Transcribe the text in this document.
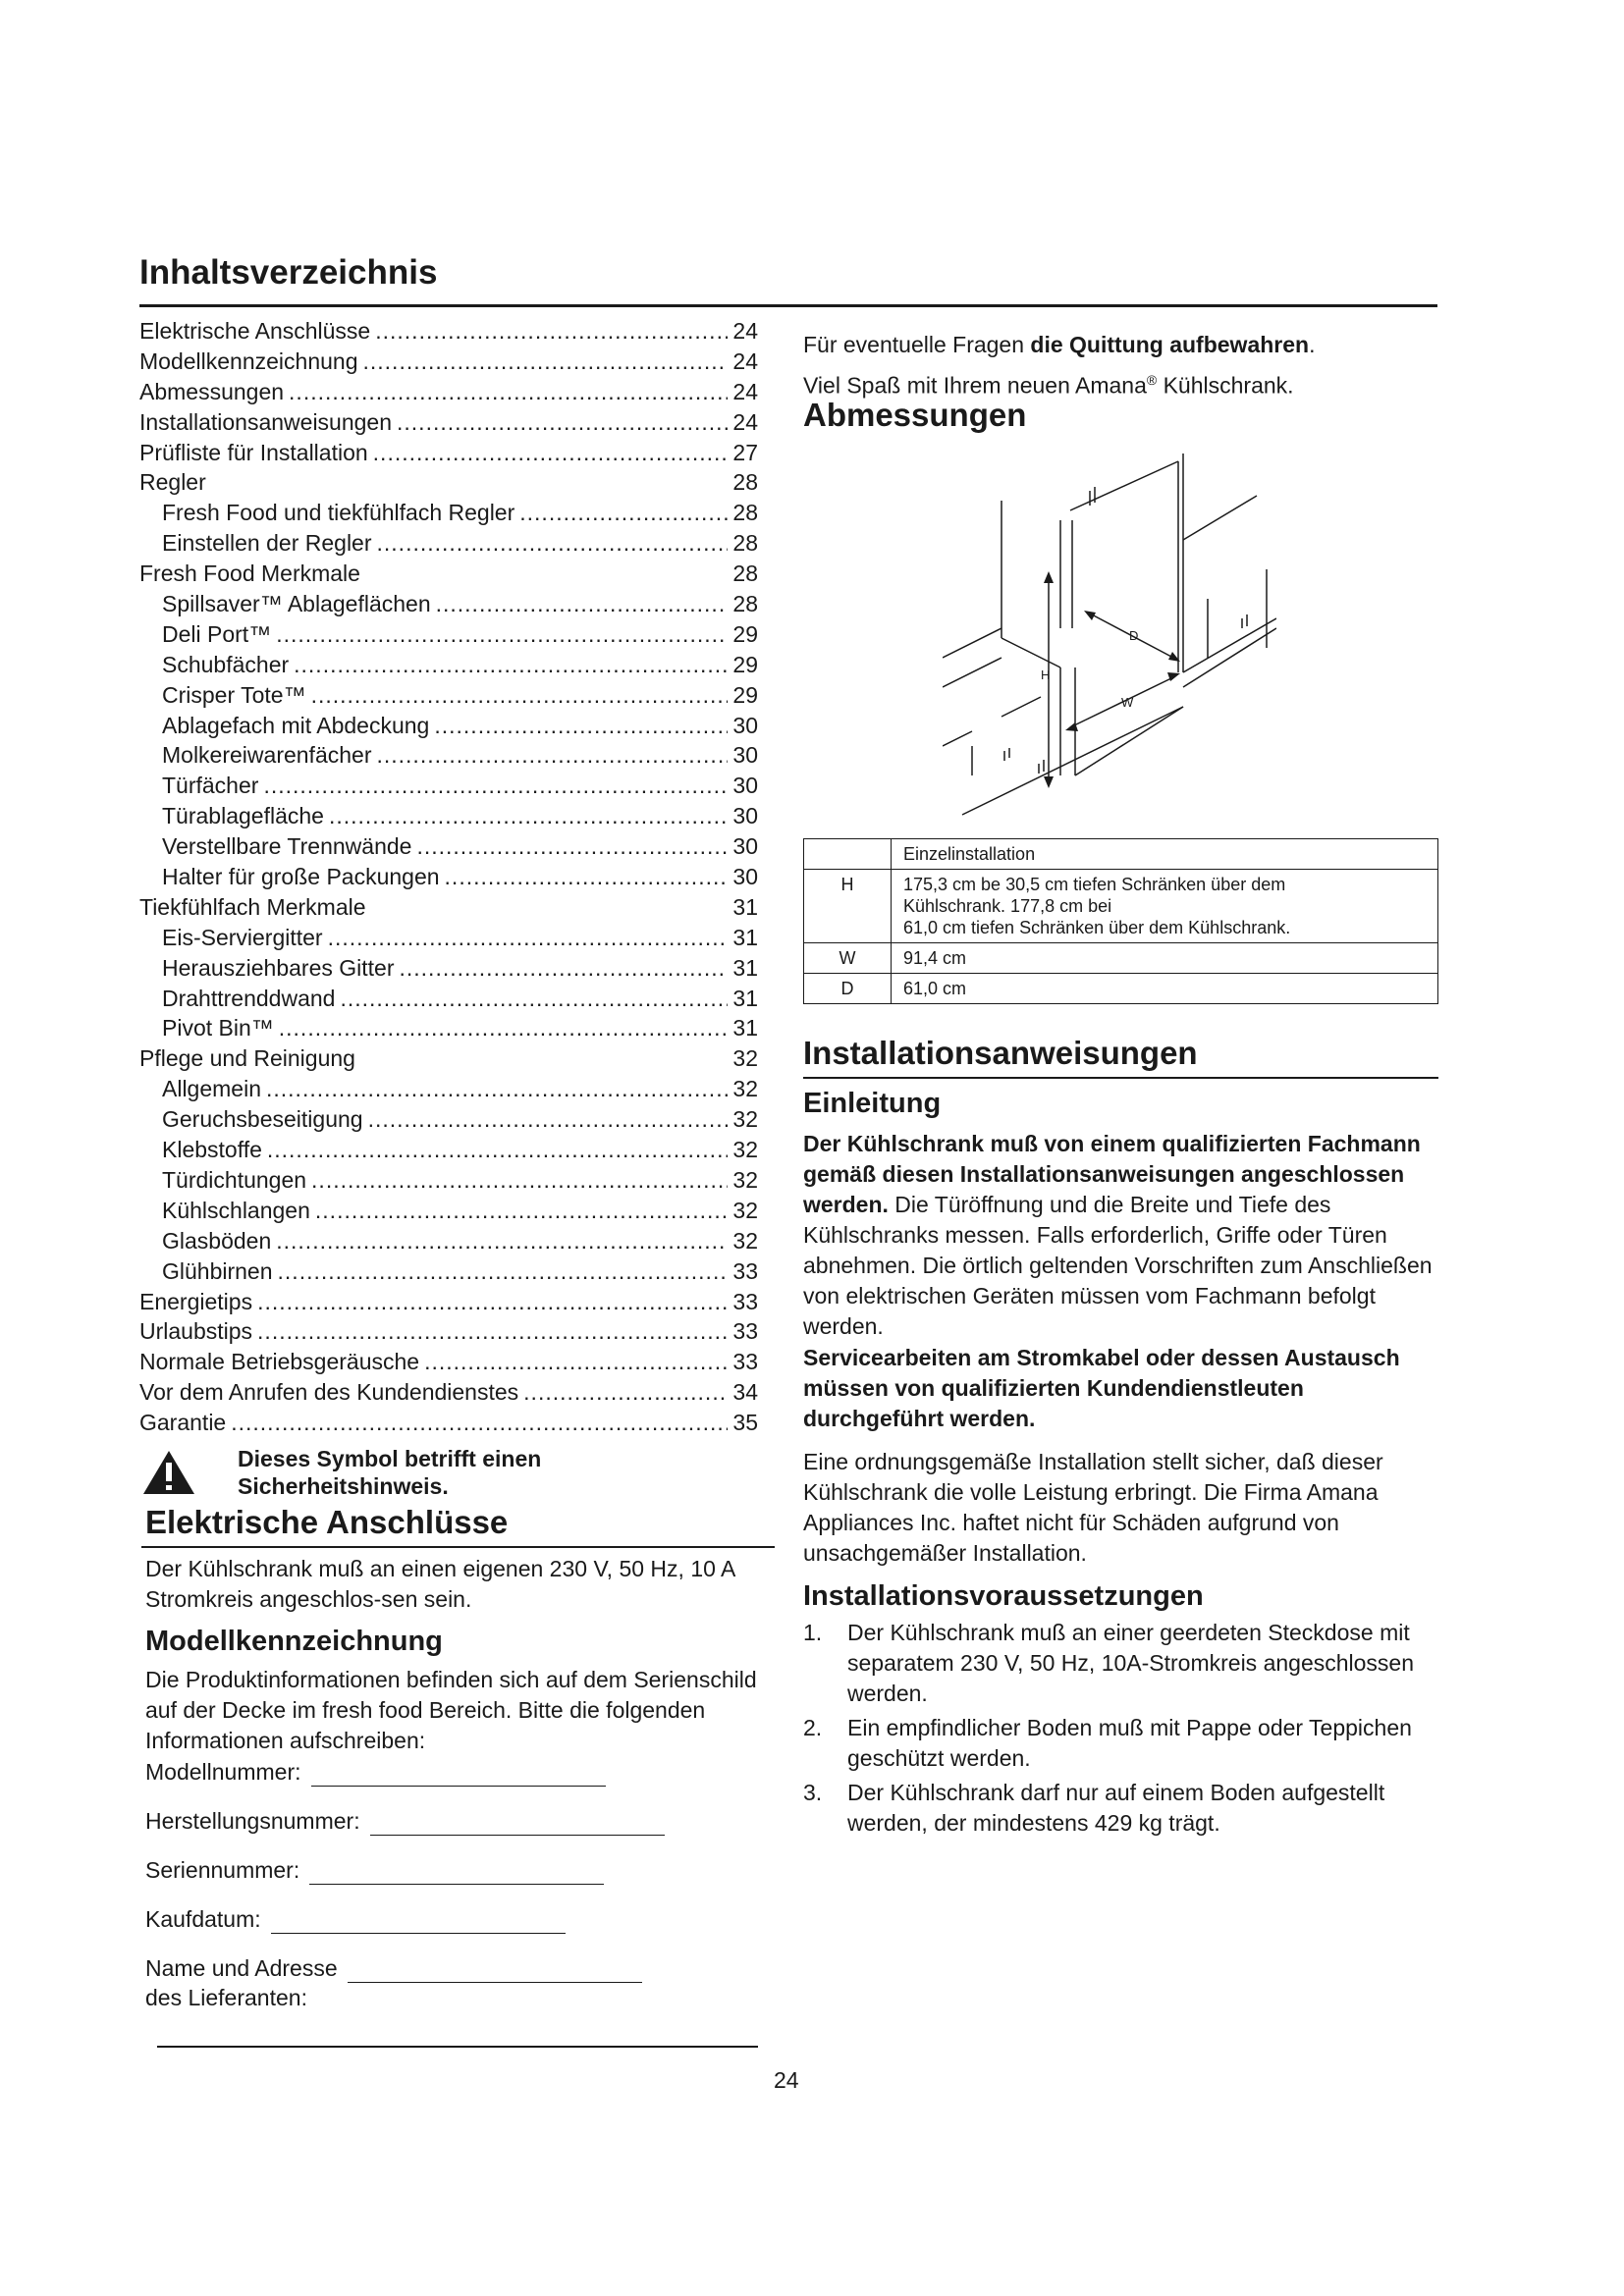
Inhaltsverzeichnis
Elektrische Anschlüsse .....	24
Modellkennzeichnung .....	24
Abmessungen .....	24
Installationsanweisungen .....	24
Prüfliste für Installation .....	27
Regler	28
Fresh Food und tiekfühlfach Regler .....	28
Einstellen der Regler .....	28
Fresh Food Merkmale	28
Spillsaver™ Ablageflächen .....	28
Deli Port™ .....	29
Schubfächer .....	29
Crisper Tote™ .....	29
Ablagefach mit Abdeckung .....	30
Molkereiwarenfächer .....	30
Türfächer .....	30
Türablagefläche .....	30
Verstellbare Trennwände .....	30
Halter für große Packungen .....	30
Tiekfühlfach Merkmale	31
Eis-Serviergitter .....	31
Herausziehbares Gitter .....	31
Drahttrenddwand .....	31
Pivot Bin™ .....	31
Pflege und Reinigung	32
Allgemein .....	32
Geruchsbeseitigung .....	32
Klebstoffe .....	32
Türdichtungen .....	32
Kühlschlangen .....	32
Glasböden .....	32
Glühbirnen .....	33
Energietips .....	33
Urlaubstips .....	33
Normale Betriebsgeräusche .....	33
Vor dem Anrufen des Kundendienstes .....	34
Garantie .....	35
Dieses Symbol betrifft einen
Sicherheitshinweis.
Elektrische Anschlüsse
Der Kühlschrank muß an einen eigenen 230 V, 50 Hz, 10 A Stromkreis angeschlos-sen sein.
Modellkennzeichnung
Die Produktinformationen befinden sich auf dem Serienschild auf der Decke im fresh food Bereich. Bitte die folgenden Informationen aufschreiben:
Modellnummer:
Herstellungsnummer:
Seriennummer:
Kaufdatum:
Name und Adresse
des Lieferanten:
Für eventuelle Fragen die Quittung aufbewahren.
Viel Spaß mit Ihrem neuen Amana® Kühlschrank.
Abmessungen
H
D
W
	Einzelinstallation
H	175,3 cm be 30,5 cm tiefen Schränken über dem
Kühlschrank. 177,8 cm bei
61,0 cm tiefen Schränken über dem Kühlschrank.

W	91,4 cm
D	61,0 cm
Installationsanweisungen
Einleitung
Der Kühlschrank muß von einem qualifizierten Fachmann gemäß diesen Installationsanweisungen angeschlossen werden. Die Türöffnung und die Breite und Tiefe des Kühlschranks messen. Falls erforderlich, Griffe oder Türen abnehmen. Die örtlich geltenden Vorschriften zum Anschließen von elektrischen Geräten müssen vom Fachmann befolgt werden.
Servicearbeiten am Stromkabel oder dessen Austausch müssen von qualifizierten Kundendienstleuten durchgeführt werden.
Eine ordnungsgemäße Installation stellt sicher, daß dieser Kühlschrank die volle Leistung erbringt. Die Firma Amana Appliances Inc. haftet nicht für Schäden aufgrund von unsachgemäßer Installation.
Installationsvoraussetzungen
1. Der Kühlschrank muß an einer geerdeten Steckdose mit separatem 230 V, 50 Hz, 10A-Stromkreis angeschlossen werden.
2. Ein empfindlicher Boden muß mit Pappe oder Teppichen geschützt werden.
3. Der Kühlschrank darf nur auf einem Boden aufgestellt werden, der mindestens 429 kg trägt.
24
